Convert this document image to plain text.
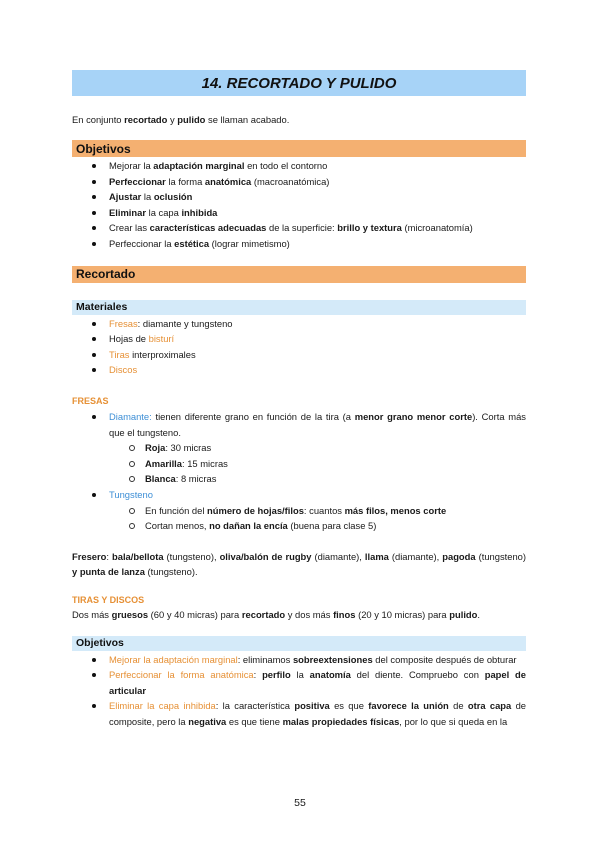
14. RECORTADO Y PULIDO
En conjunto recortado y pulido se llaman acabado.
Objetivos
Mejorar la adaptación marginal en todo el contorno
Perfeccionar la forma anatómica (macroanatómica)
Ajustar la oclusión
Eliminar la capa inhibida
Crear las características adecuadas de la superficie: brillo y textura (microanatomía)
Perfeccionar la estética (lograr mimetismo)
Recortado
Materiales
Fresas: diamante y tungsteno
Hojas de bisturí
Tiras interproximales
Discos
FRESAS
Diamante: tienen diferente grano en función de la tira (a menor grano menor corte). Corta más que el tungsteno.
Roja: 30 micras
Amarilla: 15 micras
Blanca: 8 micras
Tungsteno
En función del número de hojas/filos: cuantos más filos, menos corte
Cortan menos, no dañan la encía (buena para clase 5)
Fresero: bala/bellota (tungsteno), oliva/balón de rugby (diamante), llama (diamante), pagoda (tungsteno) y punta de lanza (tungsteno).
TIRAS Y DISCOS
Dos más gruesos (60 y 40 micras) para recortado y dos más finos (20 y 10 micras) para pulido.
Objetivos
Mejorar la adaptación marginal: eliminamos sobreextensiones del composite después de obturar
Perfeccionar la forma anatómica: perfilo la anatomía del diente. Compruebo con papel de articular
Eliminar la capa inhibida: la característica positiva es que favorece la unión de otra capa de composite, pero la negativa es que tiene malas propiedades físicas, por lo que si queda en la
55
